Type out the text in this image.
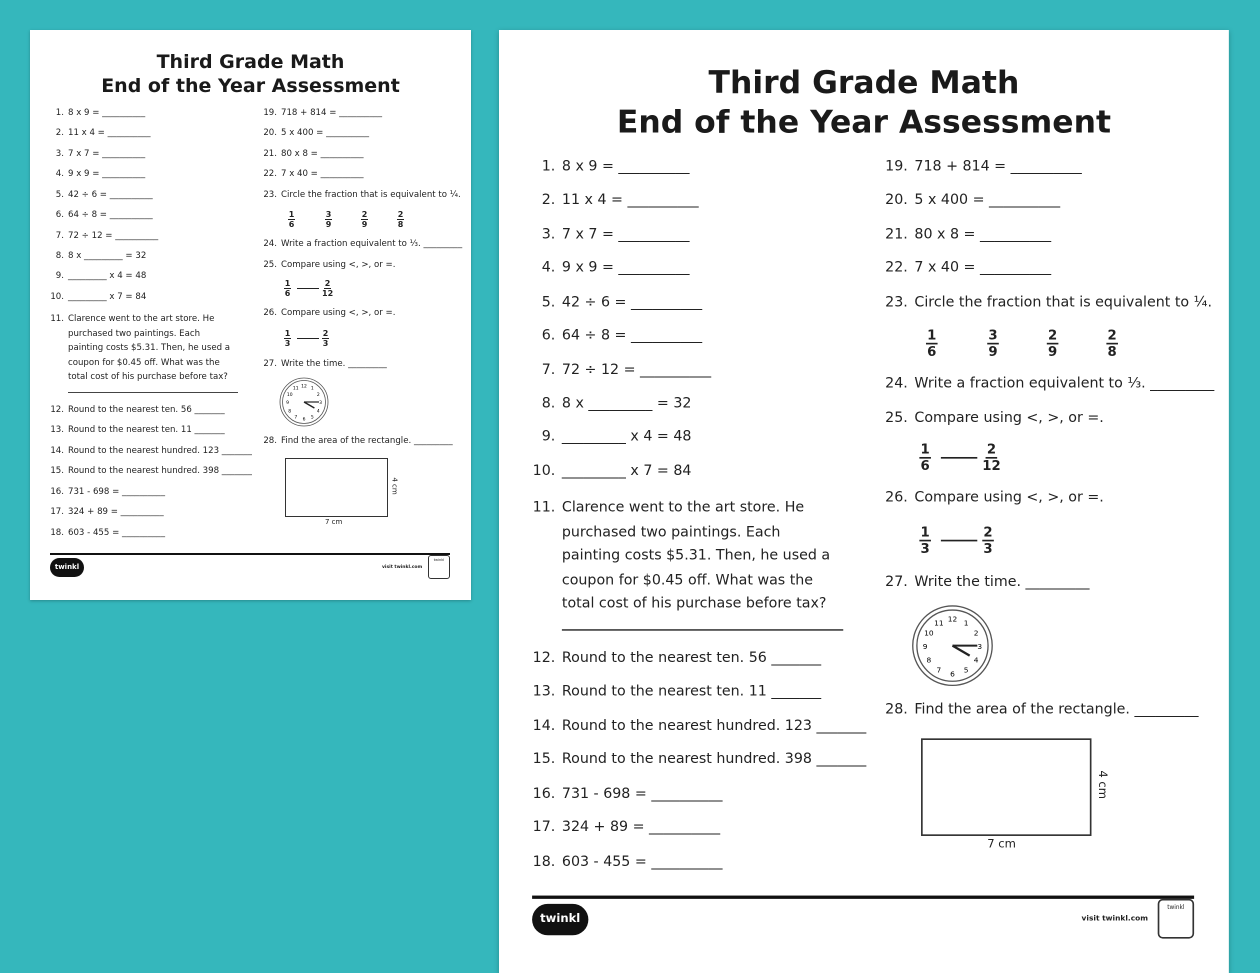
Third Grade Math
End of the Year Assessment
1. 8 x 9 = __________
2. 11 x 4 = __________
3. 7 x 7 = __________
4. 9 x 9 = __________
5. 42 ÷ 6 = __________
6. 64 ÷ 8 = __________
7. 72 ÷ 12 = __________
8. 8 x _________ = 32
9. _________ x 4 = 48
10. _________ x 7 = 84
11. Clarence went to the art store. He purchased two paintings. Each painting costs $5.31. Then, he used a coupon for $0.45 off. What was the total cost of his purchase before tax?
12. Round to the nearest ten. 56 _______
13. Round to the nearest ten. 11 _______
14. Round to the nearest hundred. 123 _______
15. Round to the nearest hundred. 398 _______
16. 731 - 698 = __________
17. 324 + 89 = __________
18. 603 - 455 = __________
19. 718 + 814 = __________
20. 5 x 400 = __________
21. 80 x 8 = __________
22. 7 x 40 = __________
23. Circle the fraction that is equivalent to ¼.
24. Write a fraction equivalent to ⅓. _________
25. Compare using <, >, or =.
26. Compare using <, >, or =.
27. Write the time. _________
28. Find the area of the rectangle. _________
1
6
3
9
2
9
2
8
1
6
2
12
1
3
2
3
12 1
2
3
4
5
6
7
8
9
10
11
4 cm
7 cm
twinkl	visit twinkl.com
twinkl
Third Grade Math
End of the Year Assessment
1. 8 x 9 = __________
2. 11 x 4 = __________
3. 7 x 7 = __________
4. 9 x 9 = __________
5. 42 ÷ 6 = __________
6. 64 ÷ 8 = __________
7. 72 ÷ 12 = __________
8. 8 x _________ = 32
9. _________ x 4 = 48
10. _________ x 7 = 84
11. Clarence went to the art store. He purchased two paintings. Each painting costs $5.31. Then, he used a coupon for $0.45 off. What was the total cost of his purchase before tax?
12. Round to the nearest ten. 56 _______
13. Round to the nearest ten. 11 _______
14. Round to the nearest hundred. 123 _______
15. Round to the nearest hundred. 398 _______
16. 731 - 698 = __________
17. 324 + 89 = __________
18. 603 - 455 = __________
19. 718 + 814 = __________
20. 5 x 400 = __________
21. 80 x 8 = __________
22. 7 x 40 = __________
23. Circle the fraction that is equivalent to ¼.
24. Write a fraction equivalent to ⅓. _________
25. Compare using <, >, or =.
26. Compare using <, >, or =.
27. Write the time. _________
28. Find the area of the rectangle. _________
1
6
3
9
2
9
2
8
1
6
2
12
1
3
2
3
12 1
2
3
4
5
6
7
8
9
10
11
4 cm
7 cm
twinkl	visit twinkl.com
twinkl
